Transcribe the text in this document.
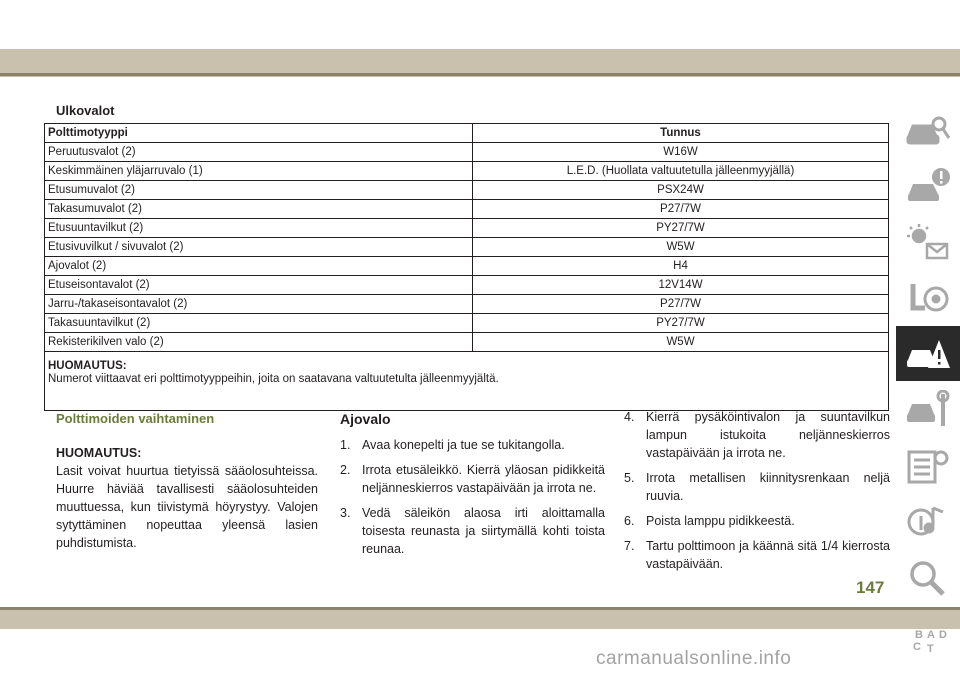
Ulkovalot
Polttimotyyppi	Tunnus
Peruutusvalot (2)	W16W
Keskimmäinen yläjarruvalo (1)	L.E.D. (Huollata valtuutetulla jälleenmyyjällä)
Etusumuvalot (2)	PSX24W
Takasumuvalot (2)	P27/7W
Etusuuntavilkut (2)	PY27/7W
Etusivuvilkut / sivuvalot (2)	W5W
Ajovalot (2)	H4
Etuseisontavalot (2)	12V14W
Jarru-/takaseisontavalot (2)	P27/7W
Takasuuntavilkut (2)	PY27/7W
Rekisterikilven valo (2)	W5W

HUOMAUTUS:
Numerot viittaavat eri polttimotyyppeihin, joita on saatavana valtuutetulta jälleenmyyjältä.	
Polttimoiden vaihtaminen
HUOMAUTUS:
Lasit voivat huurtua tietyissä sääolosuhteissa. Huurre häviää tavallisesti sääolosuhteiden muuttuessa, kun tiivistymä höyrystyy. Valojen sytyttäminen nopeuttaa yleensä lasien puhdistumista.
Ajovalo
1. Avaa konepelti ja tue se tukitangolla.
2. Irrota etusäleikkö. Kierrä yläosan pidikkeitä neljänneskierros vastapäivään ja irrota ne.
3. Vedä säleikön alaosa irti aloittamalla toisesta reunasta ja siirtymällä kohti toista reunaa.
4. Kierrä pysäköintivalon ja suuntavilkun lampun istukoita neljänneskierros vastapäivään ja irrota ne.
5. Irrota metallisen kiinnitysrenkaan neljä ruuvia.
6. Poista lamppu pidikkeestä.
7. Tartu polttimoon ja käännä sitä 1/4 kierrosta vastapäivään.
B A D
C T
147
carmanualsonline.info
